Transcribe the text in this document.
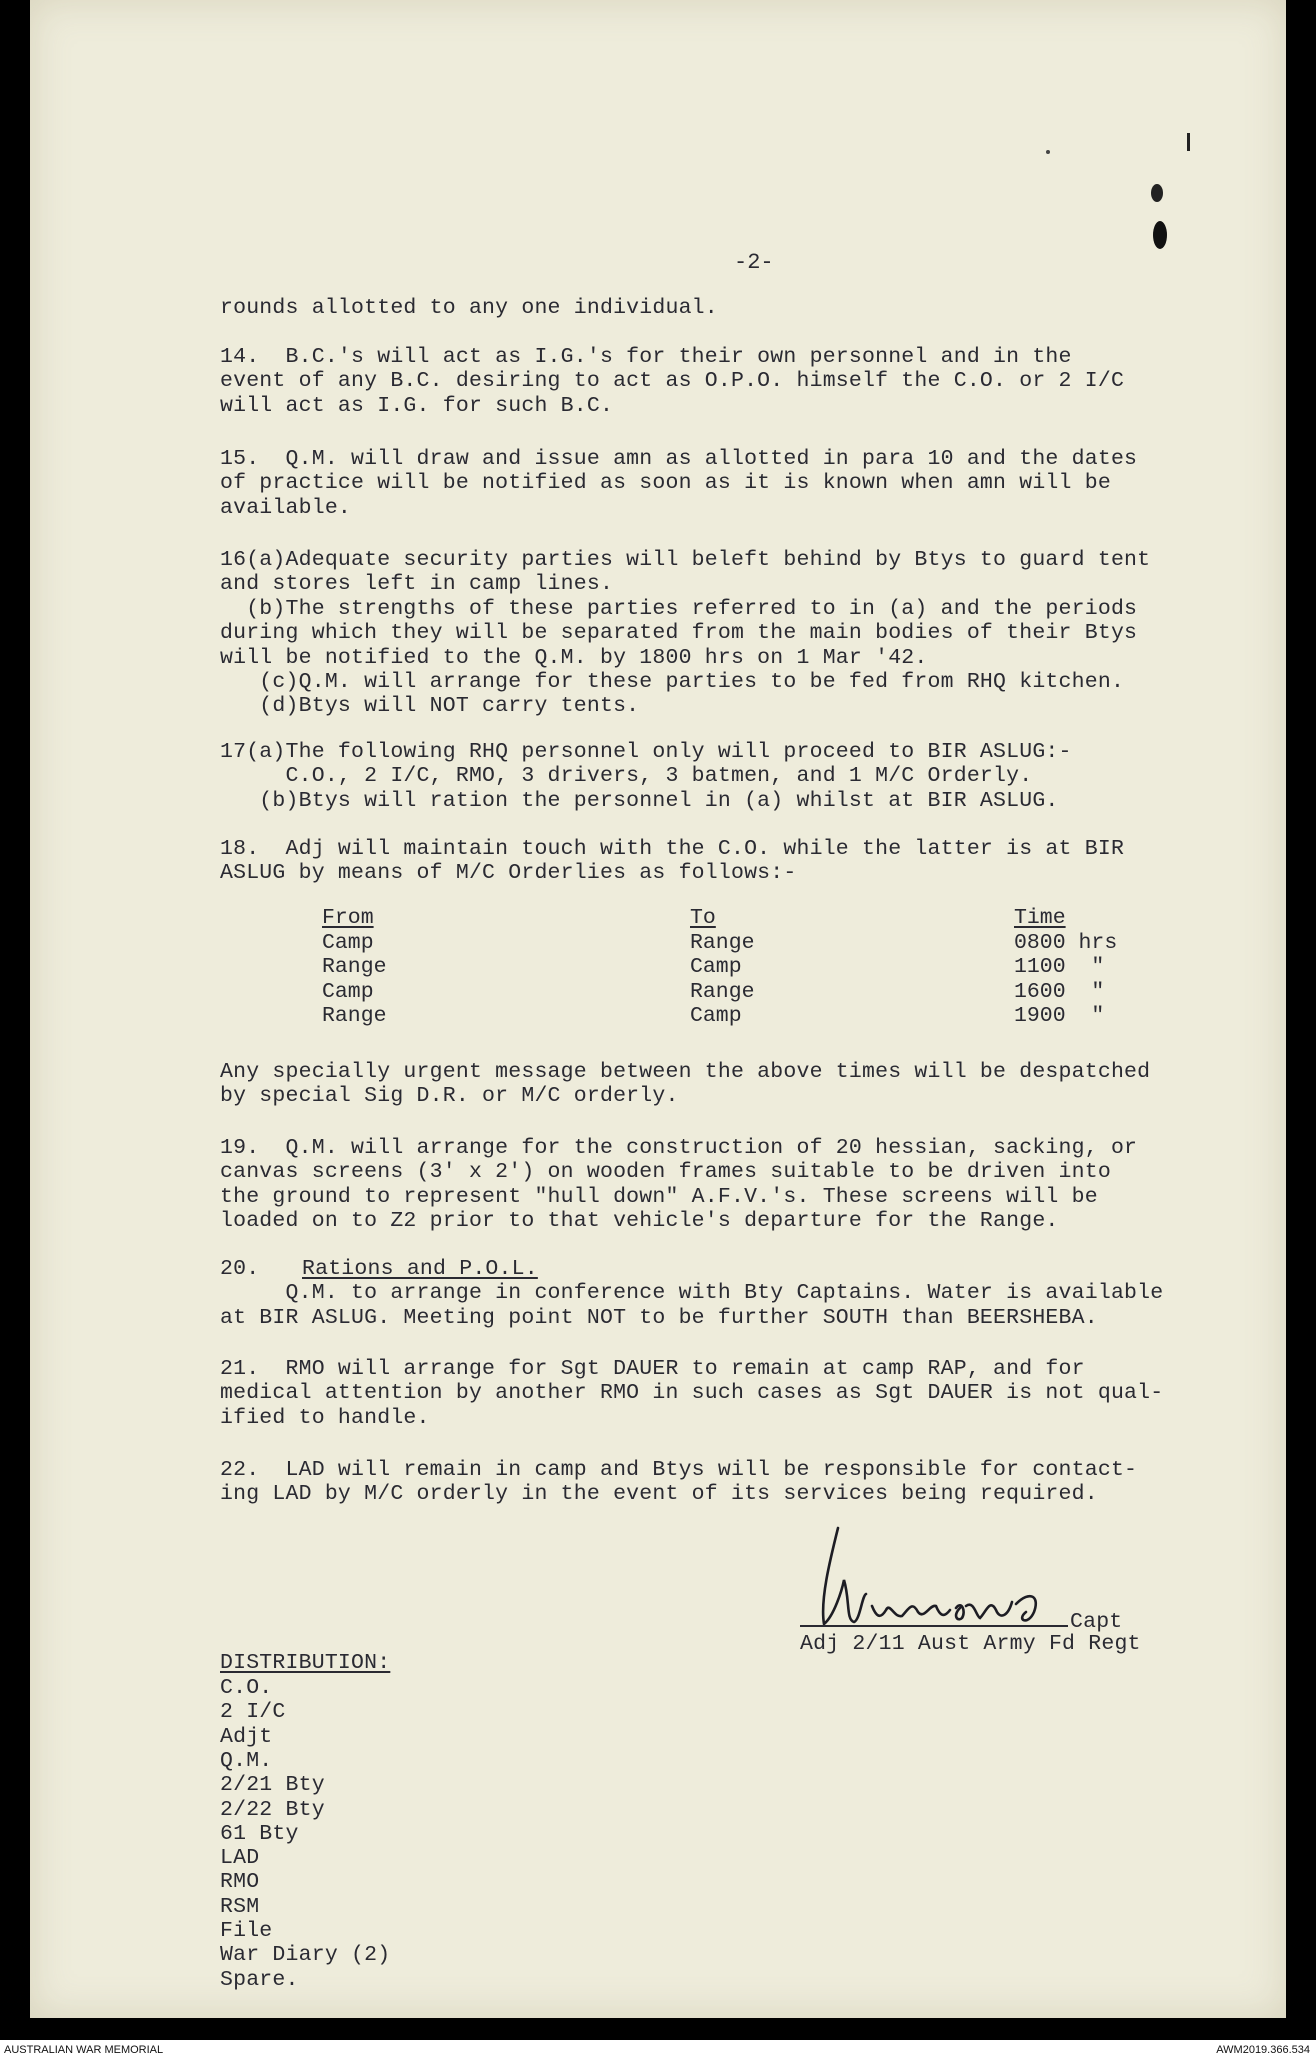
-2-
rounds allotted to any one individual.
14.  B.C.'s will act as I.G.'s for their own personnel and in the
event of any B.C. desiring to act as O.P.O. himself the C.O. or 2 I/C
will act as I.G. for such B.C.
15.  Q.M. will draw and issue amn as allotted in para 10 and the dates
of practice will be notified as soon as it is known when amn will be
available.
16(a)Adequate security parties will beleft behind by Btys to guard tent
and stores left in camp lines.
(b)The strengths of these parties referred to in (a) and the periods
during which they will be separated from the main bodies of their Btys
will be notified to the Q.M. by 1800 hrs on 1 Mar '42.
(c)Q.M. will arrange for these parties to be fed from RHQ kitchen.
(d)Btys will NOT carry tents.
17(a)The following RHQ personnel only will proceed to BIR ASLUG:-
C.O., 2 I/C, RMO, 3 drivers, 3 batmen, and 1 M/C Orderly.
(b)Btys will ration the personnel in (a) whilst at BIR ASLUG.
18.  Adj will maintain touch with the C.O. while the latter is at BIR
ASLUG by means of M/C Orderlies as follows:-
Any specially urgent message between the above times will be despatched
by special Sig D.R. or M/C orderly.
19.  Q.M. will arrange for the construction of 20 hessian, sacking, or
canvas screens (3' x 2') on wooden frames suitable to be driven into
the ground to represent "hull down" A.F.V.'s. These screens will be
loaded on to Z2 prior to that vehicle's departure for the Range.
20. Rations and P.O.L.
Q.M. to arrange in conference with Bty Captains. Water is available
at BIR ASLUG. Meeting point NOT to be further SOUTH than BEERSHEBA.
21.  RMO will arrange for Sgt DAUER to remain at camp RAP, and for
medical attention by another RMO in such cases as Sgt DAUER is not qual-
ified to handle.
22.  LAD will remain in camp and Btys will be responsible for contact-
ing LAD by M/C orderly in the event of its services being required.
From
Camp
Range
Camp
Range
To
Range
Camp
Range
Camp
Time
0800 hrs
1100  "
1600  "
1900  "
Capt
Adj 2/11 Aust Army Fd Regt
DISTRIBUTION:
C.O.
2 I/C
Adjt
Q.M.
2/21 Bty
2/22 Bty
61 Bty
LAD
RMO
RSM
File
War Diary (2)
Spare.
AUSTRALIAN WAR MEMORIAL	AWM2019.366.534
